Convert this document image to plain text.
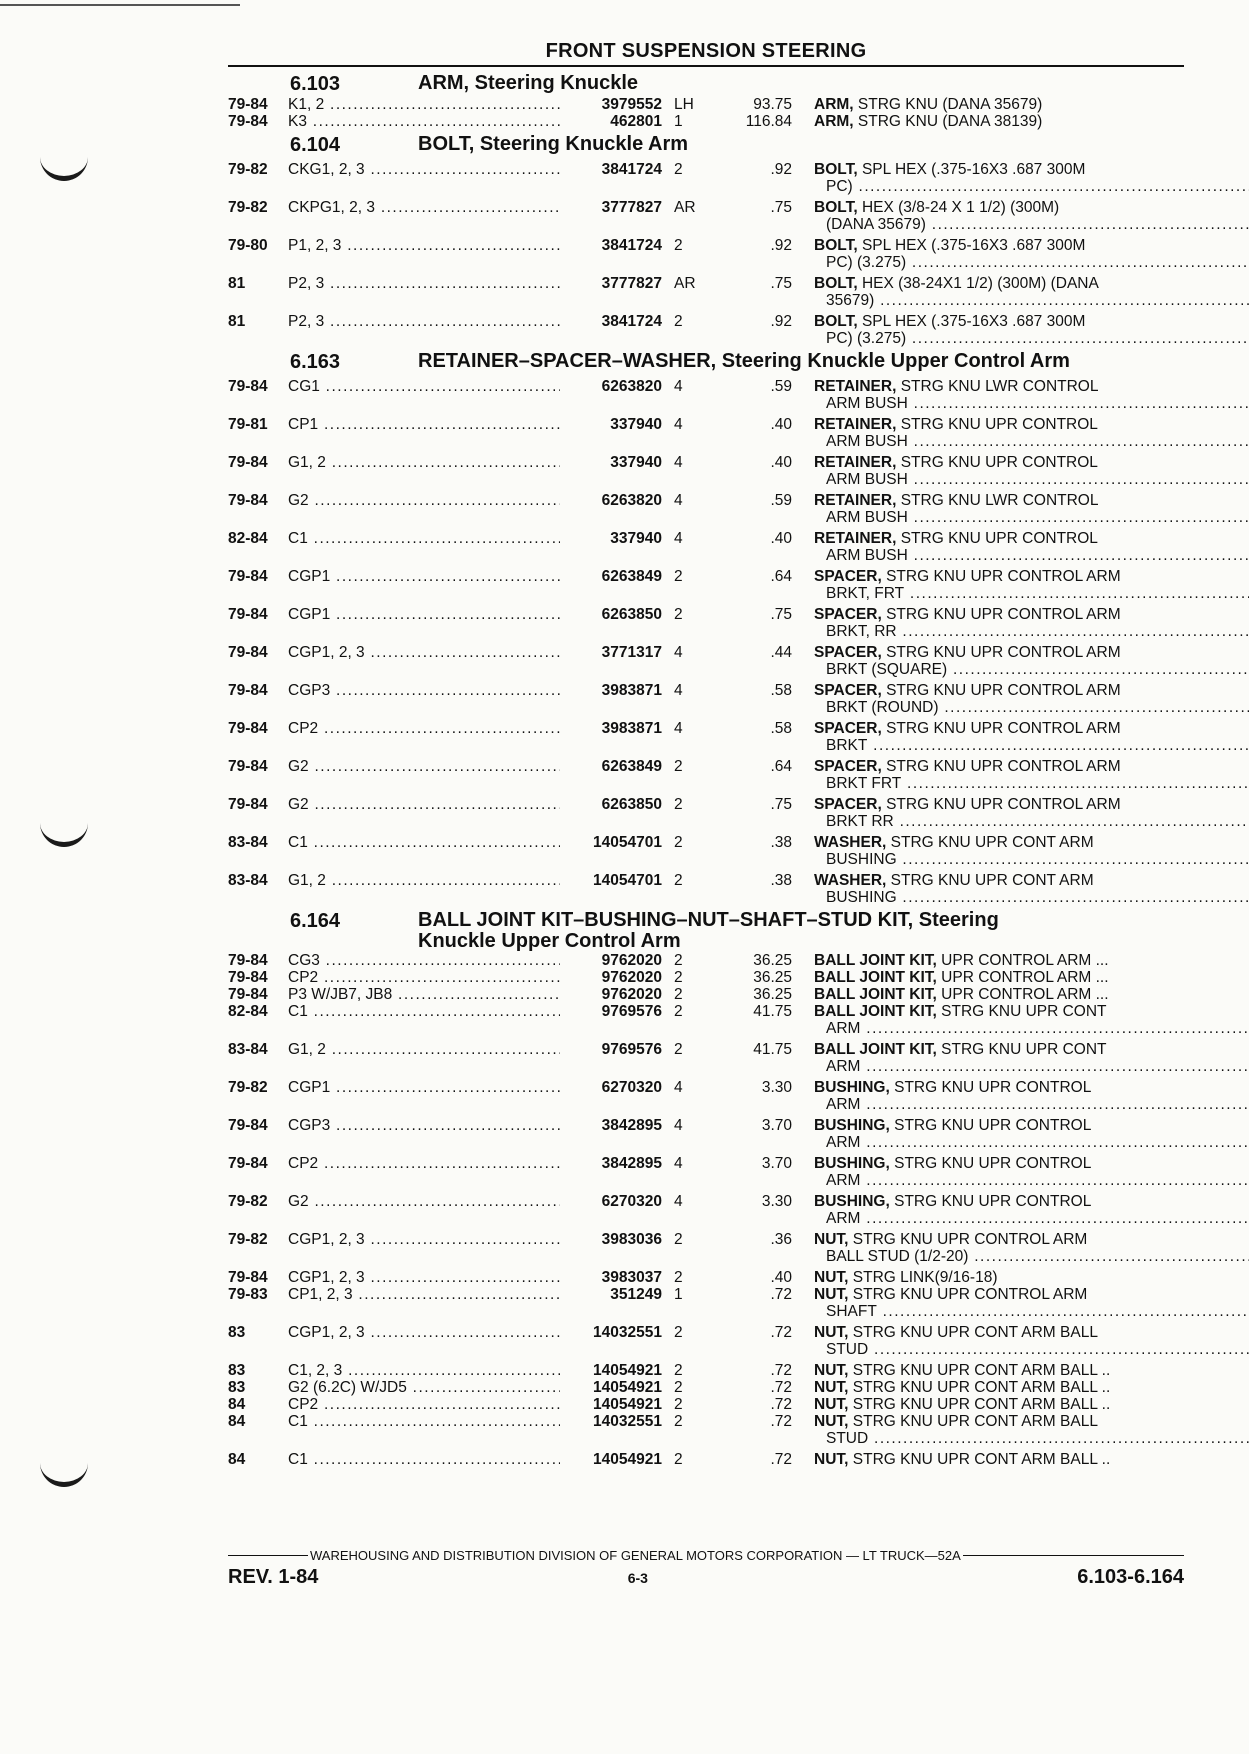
FRONT SUSPENSION STEERING
6.103	ARM, Steering Knuckle
79-84	K1, 2 .....	3979552 LH	93.75 ARM, STRG KNU (DANA 35679)
79-84	K3 .....	462801 1	116.84 ARM, STRG KNU (DANA 38139)
6.104	BOLT, Steering Knuckle Arm
79-82	CKG1, 2, 3 .....	3841724 2	.92 BOLT, SPL HEX (.375-16X3 .687 300M
PC) .....
79-82	CKPG1, 2, 3 .....	3777827 AR	.75 BOLT, HEX (3/8-24 X 1 1/2) (300M)
(DANA 35679) .....
79-80	P1, 2, 3 .....	3841724 2	.92 BOLT, SPL HEX (.375-16X3 .687 300M
PC) (3.275) .....
81	P2, 3 .....	3777827 AR	.75 BOLT, HEX (38-24X1 1/2) (300M) (DANA
35679) .....
81	P2, 3 .....	3841724 2	.92 BOLT, SPL HEX (.375-16X3 .687 300M
PC) (3.275) .....
6.163	RETAINER–SPACER–WASHER, Steering Knuckle Upper Control Arm
79-84	CG1 .....	6263820 4	.59 RETAINER, STRG KNU LWR CONTROL
ARM BUSH .....
79-81	CP1 .....	337940 4	.40 RETAINER, STRG KNU UPR CONTROL
ARM BUSH .....
79-84	G1, 2 .....	337940 4	.40 RETAINER, STRG KNU UPR CONTROL
ARM BUSH .....
79-84	G2 .....	6263820 4	.59 RETAINER, STRG KNU LWR CONTROL
ARM BUSH .....
82-84	C1 .....	337940 4	.40 RETAINER, STRG KNU UPR CONTROL
ARM BUSH .....
79-84	CGP1 .....	6263849 2	.64 SPACER, STRG KNU UPR CONTROL ARM
BRKT, FRT .....
79-84	CGP1 .....	6263850 2	.75 SPACER, STRG KNU UPR CONTROL ARM
BRKT, RR .....
79-84	CGP1, 2, 3 .....	3771317 4	.44 SPACER, STRG KNU UPR CONTROL ARM
BRKT (SQUARE) .....
79-84	CGP3 .....	3983871 4	.58 SPACER, STRG KNU UPR CONTROL ARM
BRKT (ROUND) .....
79-84	CP2 .....	3983871 4	.58 SPACER, STRG KNU UPR CONTROL ARM
BRKT .....
79-84	G2 .....	6263849 2	.64 SPACER, STRG KNU UPR CONTROL ARM
BRKT FRT .....
79-84	G2 .....	6263850 2	.75 SPACER, STRG KNU UPR CONTROL ARM
BRKT RR .....
83-84	C1 .....	14054701 2	.38 WASHER, STRG KNU UPR CONT ARM
BUSHING .....
83-84	G1, 2 .....	14054701 2	.38 WASHER, STRG KNU UPR CONT ARM
BUSHING .....
6.164	BALL JOINT KIT–BUSHING–NUT–SHAFT–STUD KIT, Steering
Knuckle Upper Control Arm
79-84	CG3 .....	9762020 2	36.25 BALL JOINT KIT, UPR CONTROL ARM ...
79-84	CP2 .....	9762020 2	36.25 BALL JOINT KIT, UPR CONTROL ARM ...
79-84	P3 W/JB7, JB8 .....	9762020 2	36.25 BALL JOINT KIT, UPR CONTROL ARM ...
82-84	C1 .....	9769576 2	41.75 BALL JOINT KIT, STRG KNU UPR CONT
ARM .....
83-84	G1, 2 .....	9769576 2	41.75 BALL JOINT KIT, STRG KNU UPR CONT
ARM .....
79-82	CGP1 .....	6270320 4	3.30 BUSHING, STRG KNU UPR CONTROL
ARM .....
79-84	CGP3 .....	3842895 4	3.70 BUSHING, STRG KNU UPR CONTROL
ARM .....
79-84	CP2 .....	3842895 4	3.70 BUSHING, STRG KNU UPR CONTROL
ARM .....
79-82	G2 .....	6270320 4	3.30 BUSHING, STRG KNU UPR CONTROL
ARM .....
79-82	CGP1, 2, 3 .....	3983036 2	.36 NUT, STRG KNU UPR CONTROL ARM
BALL STUD (1/2-20) .....
79-84	CGP1, 2, 3 .....	3983037 2	.40 NUT, STRG LINK(9/16-18)
79-83	CP1, 2, 3 .....	351249 1	.72 NUT, STRG KNU UPR CONTROL ARM
SHAFT .....
83	CGP1, 2, 3 .....	14032551 2	.72 NUT, STRG KNU UPR CONT ARM BALL
STUD .....
83	C1, 2, 3 .....	14054921 2	.72 NUT, STRG KNU UPR CONT ARM BALL ..
83	G2 (6.2C) W/JD5 .....	14054921 2	.72 NUT, STRG KNU UPR CONT ARM BALL ..
84	CP2 .....	14054921 2	.72 NUT, STRG KNU UPR CONT ARM BALL ..
84	C1 .....	14032551 2	.72 NUT, STRG KNU UPR CONT ARM BALL
STUD .....
84	C1 .....	14054921 2	.72 NUT, STRG KNU UPR CONT ARM BALL ..
WAREHOUSING AND DISTRIBUTION DIVISION OF GENERAL MOTORS CORPORATION — LT TRUCK—52A
REV. 1-84	6-3	6.103-6.164
